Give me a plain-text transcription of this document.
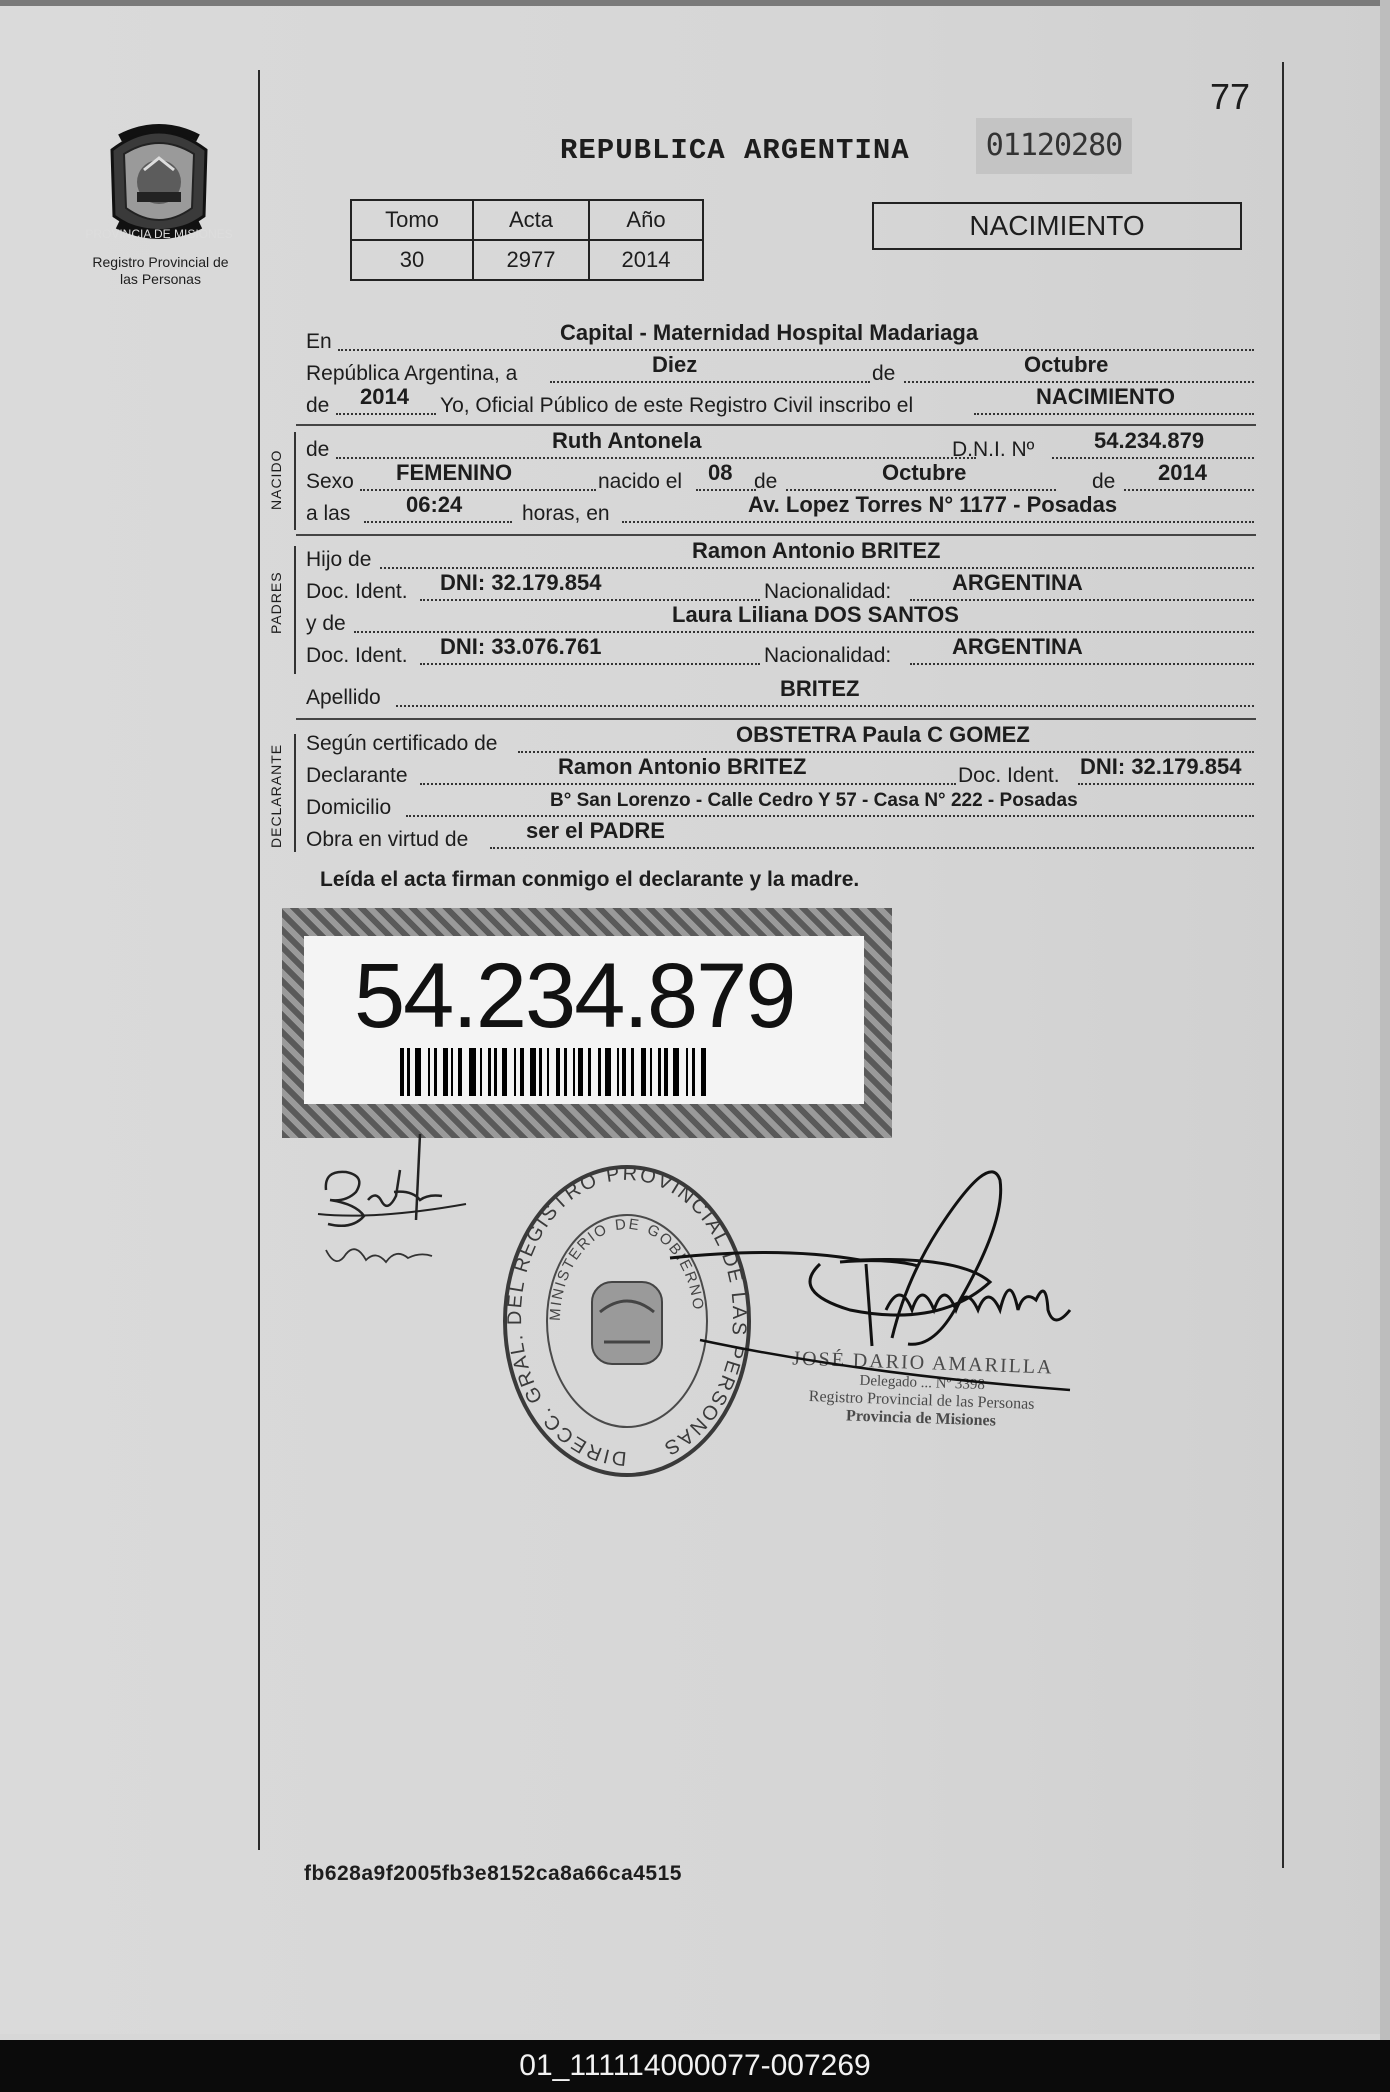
77
PROVINCIA DE MISIONES
Registro Provincial de las Personas
REPUBLICA ARGENTINA	01120280
Tomo	Acta	Año
30	2977	2014
NACIMIENTO
En	Capital - Maternidad Hospital Madariaga
República Argentina, a	Diez	de	Octubre
de 2014 Yo, Oficial Público de este Registro Civil inscribo el	NACIMIENTO
NACIDO
de	Ruth Antonela	D.N.I. Nº	54.234.879
Sexo FEMENINO	nacido el 08 de	Octubre	de 2014
a las	06:24	horas, en	Av. Lopez Torres N° 1177 - Posadas
PADRES
Hijo de	Ramon Antonio BRITEZ
Doc. Ident. DNI: 32.179.854	Nacionalidad:	ARGENTINA
y de	Laura Liliana DOS SANTOS
Doc. Ident. DNI: 33.076.761	Nacionalidad:	ARGENTINA
Apellido	BRITEZ
DECLARANTE
Según certificado de	OBSTETRA Paula C GOMEZ
Declarante	Ramon Antonio BRITEZ	Doc. Ident. DNI: 32.179.854
Domicilio	B° San Lorenzo - Calle Cedro Y 57 - Casa N° 222 - Posadas
Obra en virtud de	ser el PADRE
Leída el acta firman conmigo el declarante y la madre.
54.234.879
DIRECC. GRAL. DEL REGISTRO PROVINCIAL DE LAS PERSONAS
MINISTERIO DE GOBIERNO
JOSÉ DARIO AMARILLA
Delegado ... Nº 3398
Registro Provincial de las Personas
Provincia de Misiones
fb628a9f2005fb3e8152ca8a66ca4515
01_111114000077-007269
